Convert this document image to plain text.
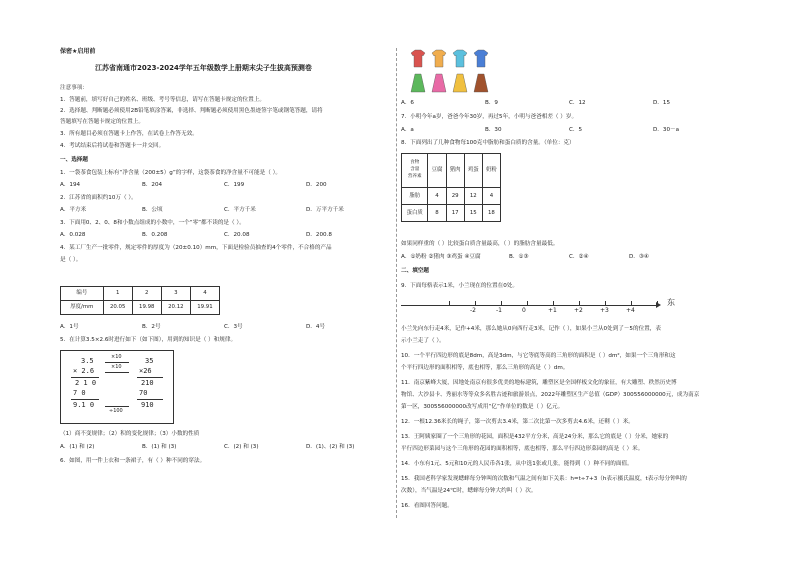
保密★启用前
江苏省南通市2023-2024学年五年级数学上册期末尖子生拔高预测卷
注意事项：
1．答题前，填写好自己的姓名、班级、考号等信息，请写在答题卡规定的位置上。
2．选择题、判断题必须使用2B铅笔填涂答案，非选择、判断题必须使用黑色墨迹签字笔或钢笔答题，请将
答题填写在答题卡规定的位置上。
3．所有题目必须在答题卡上作答，在试卷上作答无效。
4．考试结束后将试卷和答题卡一并交回。
一、选择题
1．一袋茶食包装上标有“净含量（200±5）g”的字样，这袋茶食的净含量不可能是（ ）。
A．194	B．204	C．199	D．200
2．江苏省的面积约10万（ ）。
A．平方米	B．公顷	C．平方千米	D．万平方千米
3．下面用0、2、0、8和小数点组成的小数中，一个“零”都不读的是（ ）。
A．0.028	B．0.208	C．20.08	D．200.8
4．某工厂生产一批零件，规定零件的厚度为（20±0.10）mm，下面是检验员抽查的4个零件，不合格的产品
是（ ）。
编号	1	2	3	4
厚度/mm	20.05	19.98	20.12	19.91
A．1号	B．2号	C．3号	D．4号
5．在计算3.5×2.6时进行如下（如下图），用到的知识是（ ）和规律。
3.5
× 2.6
2 1 0
7 0
9.1 0
×10
×10
÷100
35
×26
210
70
910
（1）商不变规律；（2）积的变化规律；（3）小数的性质
A．(1) 和 (2)	B．(1) 和 (3)	C．(2) 和 (3)	D．(1)、(2) 和 (3)
6．如图，用一件上衣和一条裙子，有（ ）种不同的穿法。
A．6	B．9	C．12	D．15
7．小明今年a岁，爸爸今年30岁，再过5年，小明与爸爸相差（ ）岁。
A．a	B．30	C．5	D．30－a
8．下面列出了几种食物每100克中脂肪和蛋白质的含量。（单位：克）
食物
含量
营养素	豆腐	猪肉	鸡蛋	奶粉
脂肪	4	29	12	4
蛋白质	8	17	15	18
如果同样重的（ ）比较蛋白质含量最高，（ ）的脂肪含量最低。
A．①奶粉 ②猪肉 ③鸡蛋 ④豆腐	B．①③	C．②④	D．③④
二、填空题
9．下面每格表示1米，小兰现在的位置在0处。
-2	-1	0	+1	+2	+3	+4
东
小兰先向东行走4米，记作+4米，那么她从0向西行走3米，记作（ ），如果小兰从0处到了－5的位置，表
示小兰走了（ ）。
10．一个平行四边形的底是8dm，高是3dm，与它等底等高的三角形的面积是（ ）dm²，如果一个三角形和这
个平行四边形的面积相等，底也相等，那么三角形的高是（ ）dm。
11．南京紫峰大厦，因地处南京有很多优美的地标建筑，雕塑区是全国样板文化的象征，有大雕塑、秩然历史博
物馆、大沙县卡、秀丽水等等众多名胜古迹和旅游景点，2022年雕塑区生产总值（GDP）300556000000元，成为南京
第一区，300556000000改写成用“亿”作单位的数是（ ）亿元。
12．一根12.36米长的绳子，第一次剪去3.4米，第二次比第一次多剪去4.6米，还剩（ ）米。
13．王阿姨家圈了一个三角形的花园，面积是432平方分米，高是24分米，那么它的底是（ ）分米，她家的
平行四边形菜园与这个三角形的花园的面积相等，底也相等，那么平行四边形菜园的高是（ ）米。
14．小东有1元、5元和10元的人民币各1张，从中选1张或几张，能得到（ ）种不同的面值。
15．我国老科学家发现蟋蟀每分钟叫的次数和气温之间有如下关系：h=t÷7+3（h表示摄氏温度，t表示每分钟叫的
次数），当气温是24℃时，蟋蟀每分钟大约叫（ ）次。
16．看图回答问题。
